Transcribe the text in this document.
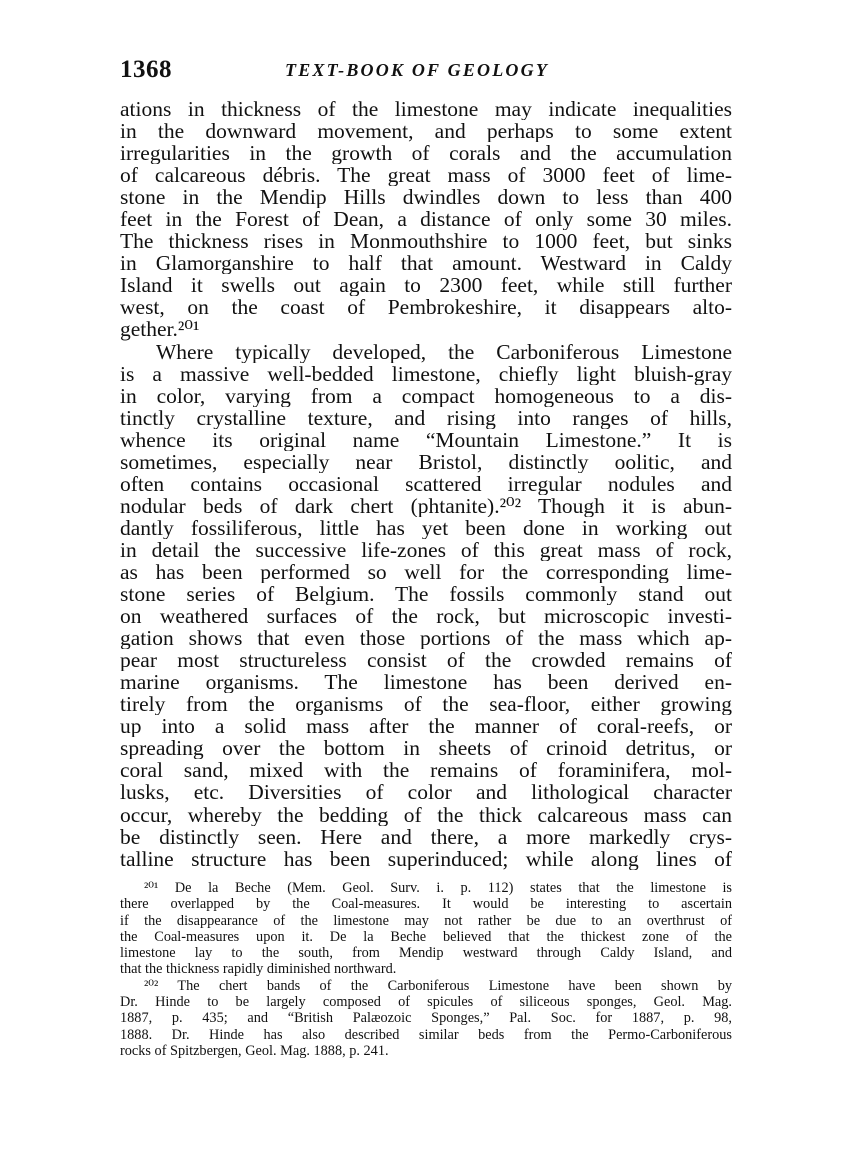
1368	TEXT-BOOK OF GEOLOGY
ations in thickness of the limestone may indicate inequalities
in the downward movement, and perhaps to some extent
irregularities in the growth of corals and the accumulation
of calcareous débris. The great mass of 3000 feet of lime-
stone in the Mendip Hills dwindles down to less than 400
feet in the Forest of Dean, a distance of only some 30 miles.
The thickness rises in Monmouthshire to 1000 feet, but sinks
in Glamorganshire to half that amount. Westward in Caldy
Island it swells out again to 2300 feet, while still further
west, on the coast of Pembrokeshire, it disappears alto-
gether.²⁰¹
Where typically developed, the Carboniferous Limestone
is a massive well-bedded limestone, chiefly light bluish-gray
in color, varying from a compact homogeneous to a dis-
tinctly crystalline texture, and rising into ranges of hills,
whence its original name “Mountain Limestone.” It is
sometimes, especially near Bristol, distinctly oolitic, and
often contains occasional scattered irregular nodules and
nodular beds of dark chert (phtanite).²⁰² Though it is abun-
dantly fossiliferous, little has yet been done in working out
in detail the successive life-zones of this great mass of rock,
as has been performed so well for the corresponding lime-
stone series of Belgium. The fossils commonly stand out
on weathered surfaces of the rock, but microscopic investi-
gation shows that even those portions of the mass which ap-
pear most structureless consist of the crowded remains of
marine organisms. The limestone has been derived en-
tirely from the organisms of the sea-floor, either growing
up into a solid mass after the manner of coral-reefs, or
spreading over the bottom in sheets of crinoid detritus, or
coral sand, mixed with the remains of foraminifera, mol-
lusks, etc. Diversities of color and lithological character
occur, whereby the bedding of the thick calcareous mass can
be distinctly seen. Here and there, a more markedly crys-
talline structure has been superinduced; while along lines of
²⁰¹ De la Beche (Mem. Geol. Surv. i. p. 112) states that the limestone is
there overlapped by the Coal-measures. It would be interesting to ascertain
if the disappearance of the limestone may not rather be due to an overthrust of
the Coal-measures upon it. De la Beche believed that the thickest zone of the
limestone lay to the south, from Mendip westward through Caldy Island, and
that the thickness rapidly diminished northward.
²⁰² The chert bands of the Carboniferous Limestone have been shown by
Dr. Hinde to be largely composed of spicules of siliceous sponges, Geol. Mag.
1887, p. 435; and “British Palæozoic Sponges,” Pal. Soc. for 1887, p. 98,
1888. Dr. Hinde has also described similar beds from the Permo-Carboniferous
rocks of Spitzbergen, Geol. Mag. 1888, p. 241.
